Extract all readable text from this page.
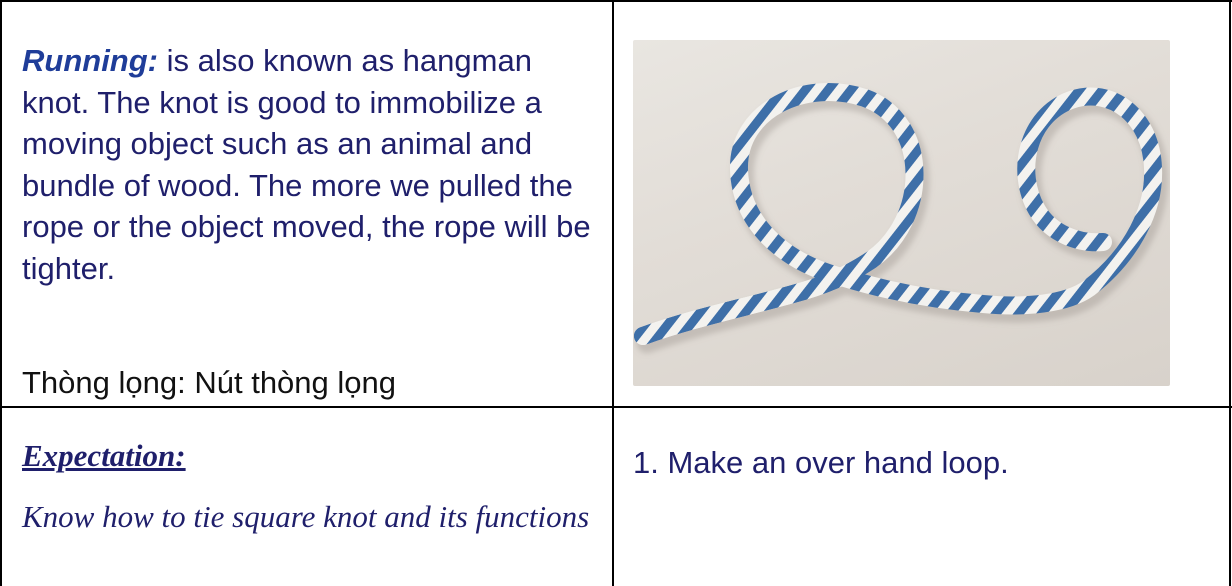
Running: is also known as hangman knot. The knot is good to immobilize a moving object such as an animal and bundle of wood. The more we pulled the rope or the object moved, the rope will be tighter.
Thòng lọng: Nút thòng lọng
Expectation:
Know how to tie square knot and its functions
1. Make an over hand loop.
